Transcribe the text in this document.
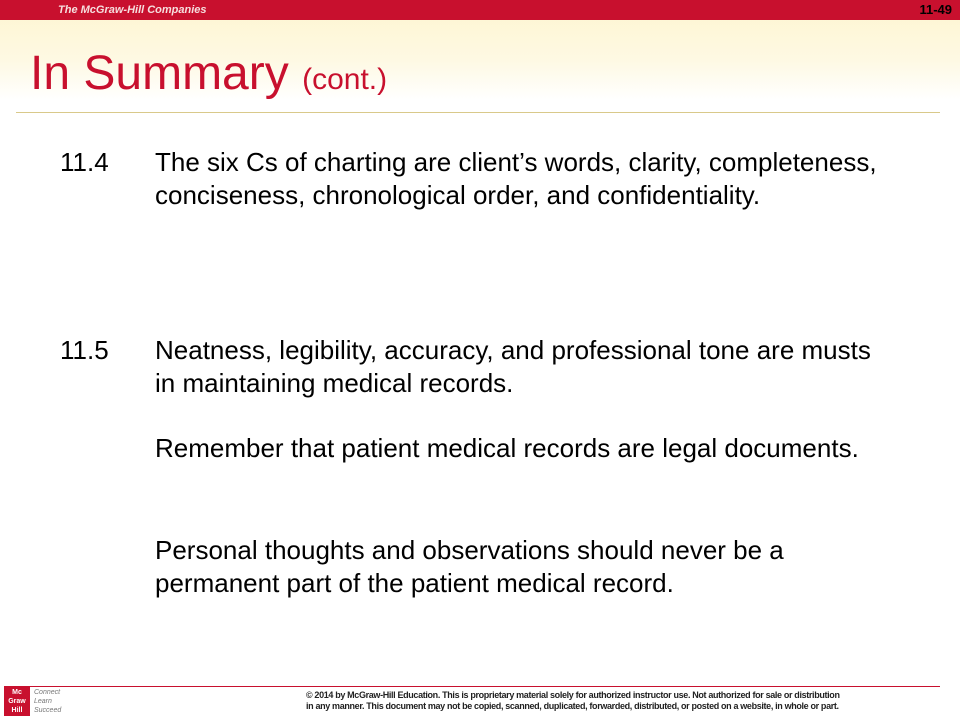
The McGraw-Hill Companies	11-49
In Summary (cont.)
11.4	The six Cs of charting are client’s words, clarity, completeness, conciseness, chronological order, and confidentiality.
11.5	Neatness, legibility, accuracy, and professional tone are musts in maintaining medical records.
Remember that patient medical records are legal documents.
Personal thoughts and observations should never be a permanent part of the patient medical record.
Mc Graw Hill
Connect Learn Succeed
© 2014 by McGraw-Hill Education. This is proprietary material solely for authorized instructor use. Not authorized for sale or distribution
in any manner. This document may not be copied, scanned, duplicated, forwarded, distributed, or posted on a website, in whole or part.
